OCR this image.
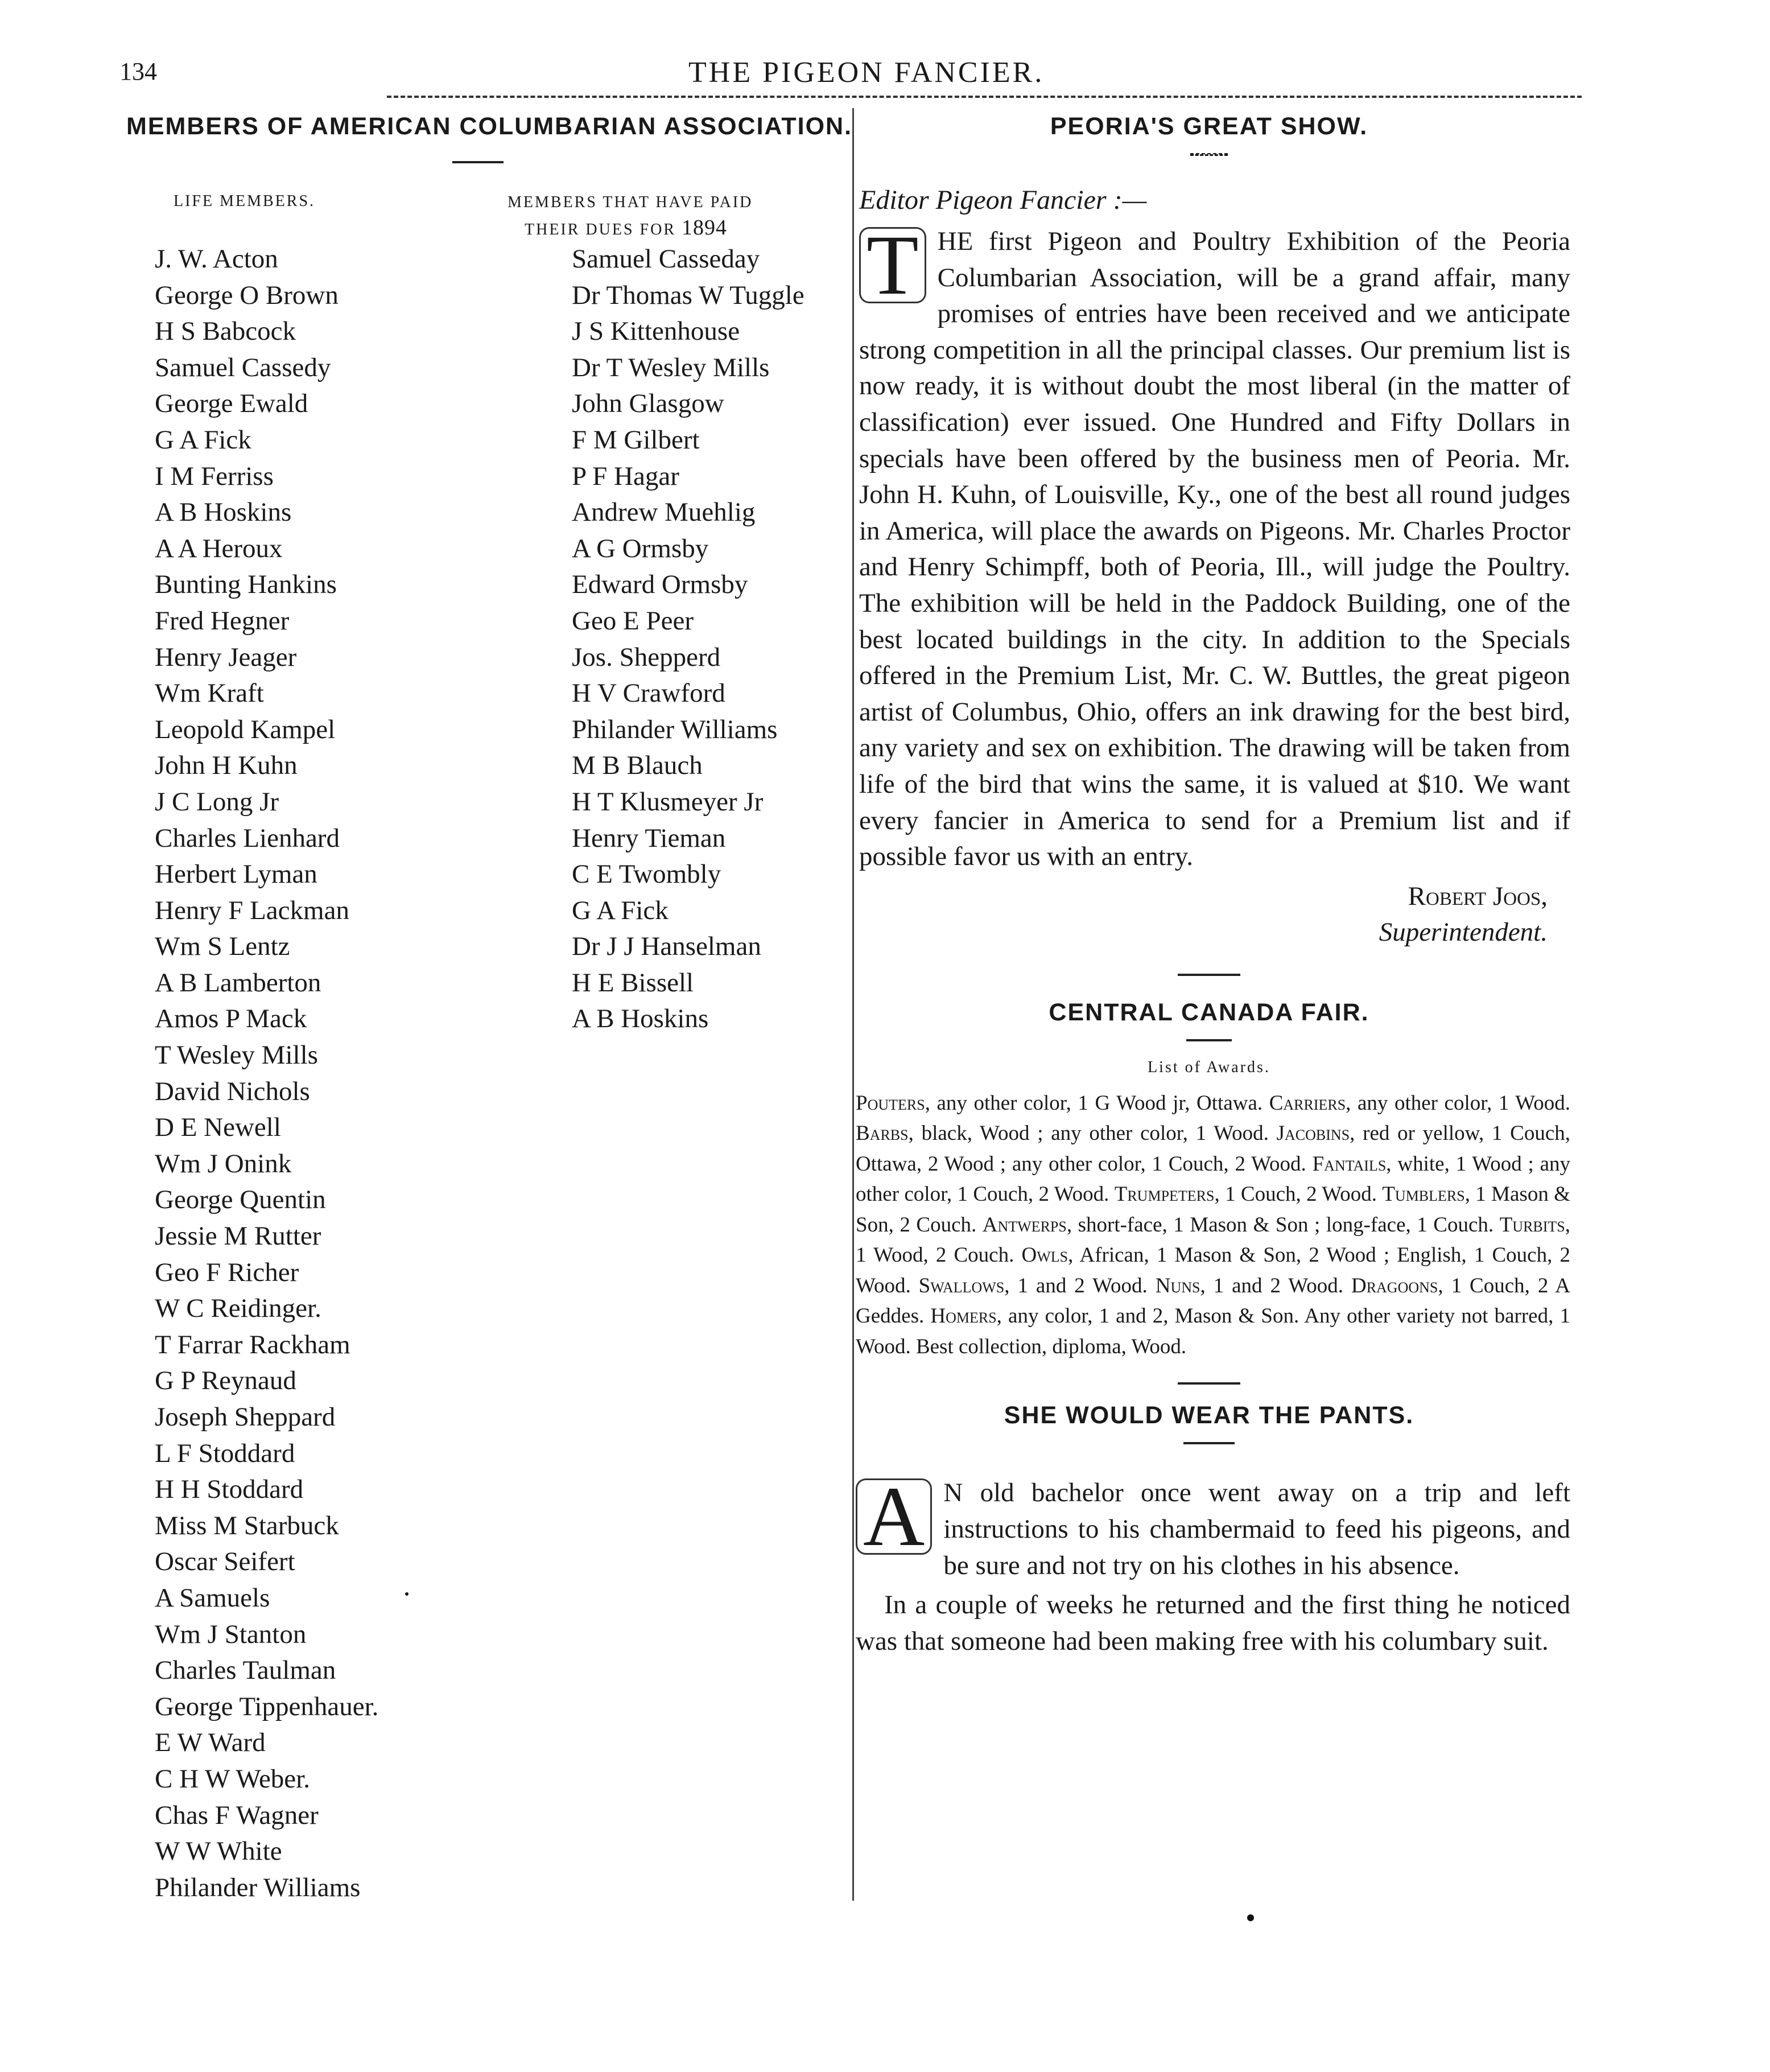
134	THE PIGEON FANCIER.
MEMBERS OF AMERICAN COLUMBARIAN ASSOCIATION.
LIFE MEMBERS.	MEMBERS THAT HAVE PAID
THEIR DUES FOR 1894
J. W. Acton
George O Brown
H S Babcock
Samuel Cassedy
George Ewald
G A Fick
I M Ferriss
A B Hoskins
A A Heroux
Bunting Hankins
Fred Hegner
Henry Jeager
Wm Kraft
Leopold Kampel
John H Kuhn
J C Long Jr
Charles Lienhard
Herbert Lyman
Henry F Lackman
Wm S Lentz
A B Lamberton
Amos P Mack
T Wesley Mills
David Nichols
D E Newell
Wm J Onink
George Quentin
Jessie M Rutter
Geo F Richer
W C Reidinger.
T Farrar Rackham
G P Reynaud
Joseph Sheppard
L F Stoddard
H H Stoddard
Miss M Starbuck
Oscar Seifert
A Samuels
Wm J Stanton
Charles Taulman
George Tippenhauer.
E W Ward
C H W Weber.
Chas F Wagner
W W White
Philander Williams
Samuel Casseday
Dr Thomas W Tuggle
J S Kittenhouse
Dr T Wesley Mills
John Glasgow
F M Gilbert
P F Hagar
Andrew Muehlig
A G Ormsby
Edward Ormsby
Geo E Peer
Jos. Shepperd
H V Crawford
Philander Williams
M B Blauch
H T Klusmeyer Jr
Henry Tieman
C E Twombly
G A Fick
Dr J J Hanselman
H E Bissell
A B Hoskins
PEORIA'S GREAT SHOW.

Editor Pigeon Fancier :—

T HE first Pigeon and Poultry Exhibition of the Peoria Columbarian Association, will be a grand affair, many promises of entries have been received and we anticipate strong competition in all the principal classes. Our premium list is now ready, it is without doubt the most liberal (in the matter of classification) ever issued. One Hundred and Fifty Dollars in specials have been offered by the business men of Peoria. Mr. John H. Kuhn, of Louisville, Ky., one of the best all round judges in America, will place the awards on Pigeons. Mr. Charles Proctor and Henry Schimpff, both of Peoria, Ill., will judge the Poultry. The exhibition will be held in the Paddock Building, one of the best located buildings in the city. In addition to the Specials offered in the Premium List, Mr. C. W. Buttles, the great pigeon artist of Columbus, Ohio, offers an ink drawing for the best bird, any variety and sex on exhibition. The drawing will be taken from life of the bird that wins the same, it is valued at $10. We want every fancier in America to send for a Premium list and if possible favor us with an entry.
Robert Joos,
Superintendent.
CENTRAL CANADA FAIR.
List of Awards.
Pouters, any other color, 1 G Wood jr, Ottawa. Carriers, any other color, 1 Wood. Barbs, black, Wood ; any other color, 1 Wood. Jacobins, red or yellow, 1 Couch, Ottawa, 2 Wood ; any other color, 1 Couch, 2 Wood. Fantails, white, 1 Wood ; any other color, 1 Couch, 2 Wood. Trumpeters, 1 Couch, 2 Wood. Tumblers, 1 Mason & Son, 2 Couch. Antwerps, short-face, 1 Mason & Son ; long-face, 1 Couch. Turbits, 1 Wood, 2 Couch. Owls, African, 1 Mason & Son, 2 Wood ; English, 1 Couch, 2 Wood. Swallows, 1 and 2 Wood. Nuns, 1 and 2 Wood. Dragoons, 1 Couch, 2 A Geddes. Homers, any color, 1 and 2, Mason & Son. Any other variety not barred, 1 Wood. Best collection, diploma, Wood.
SHE WOULD WEAR THE PANTS.
A N old bachelor once went away on a trip and left instructions to his chambermaid to feed his pigeons, and be sure and not try on his clothes in his absence.
In a couple of weeks he returned and the first thing he noticed was that someone had been making free with his columbary suit.
